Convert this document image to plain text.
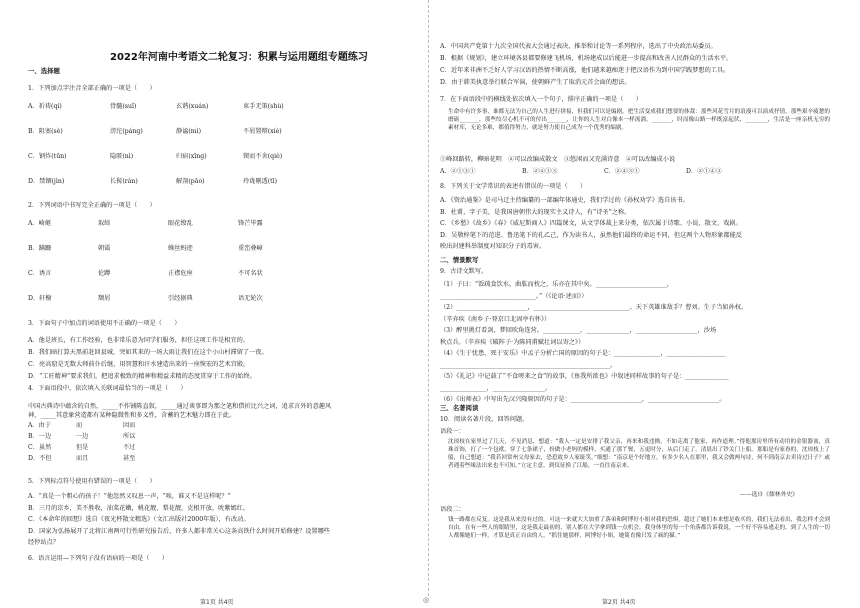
2022年河南中考语文二轮复习：积累与运用题组专题练习
一、选择题
1．下列加点字注音全部正确的一项是（　　）
A．祈祷(qí)	骨髓(suǐ)	玄谐(xuán)	束手无策(shù)
B．阻塞(sè)	滂沱(páng)	静谧(mì)	不屑置辩(xiè)
C．钢炸(tūn)	隐匿(nì)	归宿(xīng)	锲而不舍(qiè)
D．禁锢(jìn)	长髯(rán)	解剖(pāo)	玲珑剔透(tī)
2．下列词语中书写完全正确的一项是（　　）
A．崎岖	取缔	眼花缭乱	锋芒毕露
B．蹒跚	朝霭	蛛丝蚂迹	重峦叠嶂
C．诱言	伦蹲	正襟危座	不可名状
D．轩榭	颓屑	引经据典	语无轮次
3．下面句子中加点的词语使用不正确的一项是（　　）
A．他是班长，有工作经验，也非常乐意为同学们服务，担任这项工作是相宜的。
B．我们暗打算天黑前赶回县城，突如其来的一场大雨让我们在这个小山村滞留了一夜。
C．亮高窟是无数大师前仆后继，用智慧和汗水建造出来的一座恢宏的艺术宫殿。
D．“工匠精神”要求我们，把追求极致的精神和精益求精的态度贯穿于工作的始终。
4．下面语段中，依次填入关联词最恰当的一项是（　　）
中国古典诗中蕴含的自然，_____不作铺陈直叙，_____通过谈事即为那之笔和借折比兴之词，追求言外的意趣风
神，_____其意象营造都有某种隐微性和多义性，含蓄的艺术魅力即在于此。
A．由于	而	因而
B．一边	一边	所以
C．虽然	但是	不过
D．不但	而且	甚至
5．下列标点符号使用有错误的一项是（　　）
A．“真是一个粗心的孩子！”他忽然又叹息一声，“唉，谁又不是这样呢？”
B．三月的京乡，美不胜收，油菜花嫩，桃花靓，梨花靓，克根开放，吮紫嫣红。
C．《本命年的回想》选自《夜光杯散文精选》（文汇出版社2000年版），有改动。
D．国家为弘扬展开了北将江南两可行性研究报告后，许多人都非常关心这条高铁什么时间开始修建？设置哪些
经停站点？
6．语言运用—下列句子没有语病的一项是（　　）
A．中国共产党第十九次全国代表大会通过表决，推举和讨论等一系列程序，选出了中央政治局委员。
B．根据《规划》，建立环境各县都要修建飞机场，机场建成以后能进一步提高和改善人民群众的生活水平。
C．近年来非洲不乏好人学习汉语的热情不断高涨，他们越来越痴迷于把汉语作为到中国学践梦想的工具。
D．由于韩美执意举行联合军演，使朝鲜产生了取消元首会面的想法。
7．在下面语段中的横线处依次填入一个句子，排序正确的一项是（　　）
生命中有许多事，谁都无法为自己的人生进行拼接，但我们可以是编剧。把生活变成我们想要的体裁：那些风花雪月的浪漫可以演成抒情，那些艰辛疲惫的磨砺_______，那些绞尽心机不可的付出_______，让你的人生对白像本一样流淌。_______，时而像山路一样既富起伏，________，生活是一座亲机无穷的素材库，无论多难，都值得努力，就是努力使自己成为一个优秀的编剧。
①峰回路转，柳暗花明　②可以改编成散文　③悠闲而又充满诗意　④可以改编成小说
A．②①③①	B．②④①③	C．②④③①	D．②①④③
8．下列关于文学常识的表述有错误的一项是（　　）
A．《资治通鉴》是司马迁主持编纂的一部编年体通史，我们学过的《孙权劝学》选自该书。
B．杜甫，字子美，是我国唐朝伟大的现实主义诗人，有“诗圣”之称。
C．《乡愁》《故乡》《春》《威尼斯商人》四篇课文，从文学体裁上来分类，依次属于诗歌、小说、散文、戏剧。
D．吴敬梓笔下的范进、鲁迅笔下的孔乙己，作为读书人，虽然他们最终的命运不同，但这两个人物形象都能反
映出封建科举制度对知识分子的毒害。
二、情景默写
9．古诗文默写。
（1）子曰：“饭疏食饮水，曲肱而枕之，乐亦在其中矣。_______________________，
_______________________________。”（《论语·述而》）
（2）_______________________，_______________________________。天下英雄谁敌手？曹刘。生子当如孙权。
（辛弃疾《南乡子·登京口北固亭有怀》）
（3）醉里挑灯看剑，梦回吹角连营。____________，______________，____________________，沙场
秋点兵。（辛弃疾《破阵子·为陈同甫赋壮词以寄之》）
（4）《生于忧患，死于安乐》中孟子分析亡国的原因的句子是：_______________，___________________
_______________________________________________________。
（5）《礼记》中记载了“不食嗟来之食”的故事，《鱼我所欲也》中叙述同样故事的句子是：______________
_______________，_________________。
（6）《出师表》中写出先汉兴隆原因的句子是：_______________________，_______________________。
三、名著阅读
10．阅读名著片段，回答问题。
语段一：
沈琼枝在家里过了几天，不见消息，想道：“我人一定是安排了我父亲，再来和我违拗。不如走离了他家，再作道理。”得他那房里所有动用的金银器皿，真珠首饰，打了一个包袱，穿了七条裙子，扮做小老妈的模样，买通了那丫鬟，五更时分，从后门走了，清晨出了钞关门上船。那船是有家眷的，沈琼枝上了船，自己想道：“我若回常州父母家去，恐惹故乡人家耻笑。”细想：“南京是个好地方，有多少名人在那里，我又会做两句诗，何不到南京去卖诗过日子？或者遇着些缘法出来也不可知。”立定主意，到仪征换了江船，一直往南京来。
——选自《儒林外史》
语段二：
钱一路都在反复。这是我从来没有过的。可这一来就大大加重了落弟和阿博好小姐对我的恐惧。超过了她们本来想是收买的，我们无法看出，我怎样才会到自由。在有一些人的眼睛里，这是我走最初的，别人都在大学拿到钱一点机会。我身体里的每一个角落都告诉我说，一个好不容易逃走的，到了人生的一切人都像她们一样，才算是真正自由的人。“抓住她那样，阿博好小姐，她简直像只发了疯的猫。”
第1页 共4页	◎	第2页 共4页
